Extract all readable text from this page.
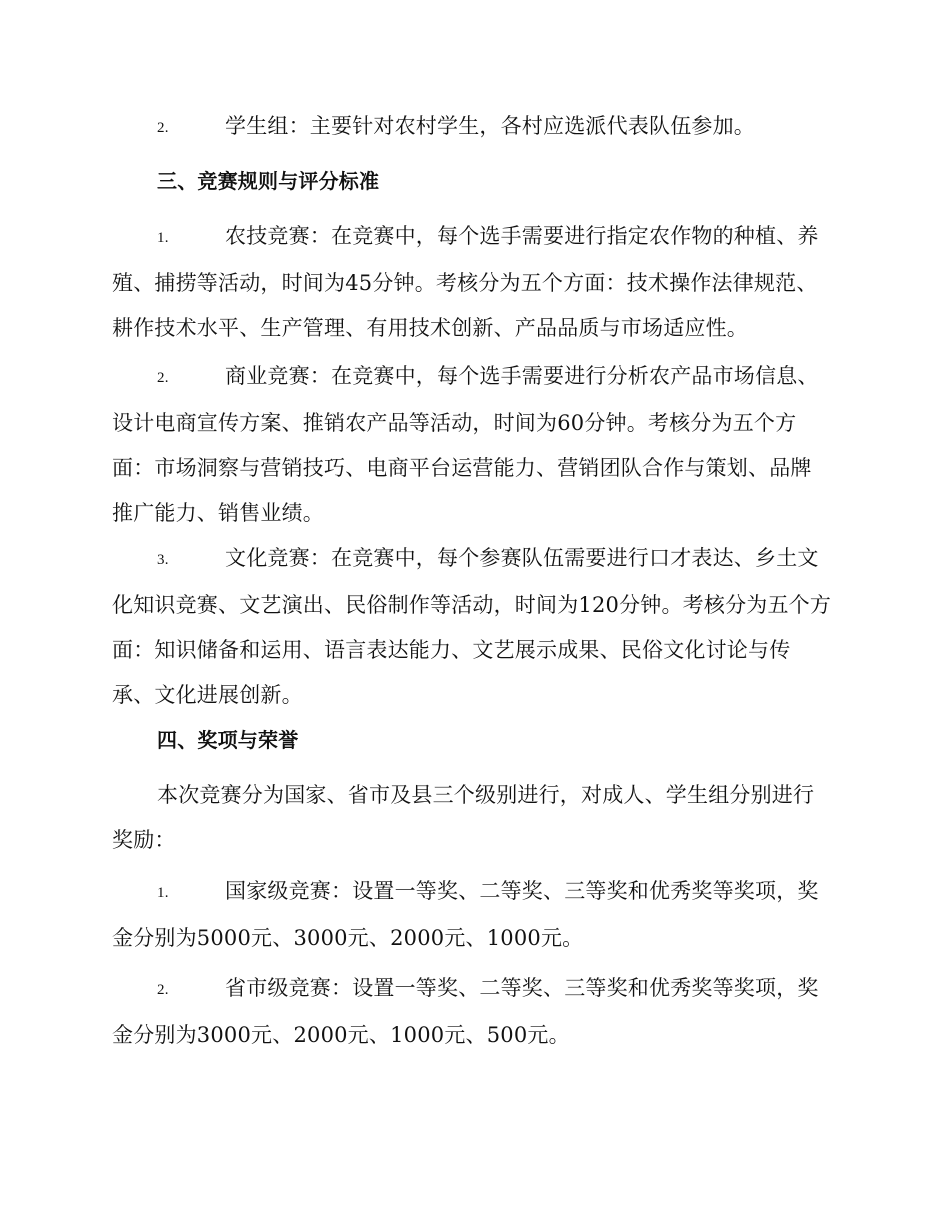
2.	学生组：主要针对农村学生，各村应选派代表队伍参加。
三、竞赛规则与评分标准
1.	农技竞赛：在竞赛中，每个选手需要进行指定农作物的种植、养殖、捕捞等活动，时间为45分钟。考核分为五个方面：技术操作法律规范、耕作技术水平、生产管理、有用技术创新、产品品质与市场适应性。
2.	商业竞赛：在竞赛中，每个选手需要进行分析农产品市场信息、设计电商宣传方案、推销农产品等活动，时间为60分钟。考核分为五个方面：市场洞察与营销技巧、电商平台运营能力、营销团队合作与策划、品牌推广能力、销售业绩。
3.	文化竞赛：在竞赛中，每个参赛队伍需要进行口才表达、乡土文化知识竞赛、文艺演出、民俗制作等活动，时间为120分钟。考核分为五个方面：知识储备和运用、语言表达能力、文艺展示成果、民俗文化讨论与传承、文化进展创新。
四、奖项与荣誉
本次竞赛分为国家、省市及县三个级别进行，对成人、学生组分别进行奖励：
1.	国家级竞赛：设置一等奖、二等奖、三等奖和优秀奖等奖项，奖金分别为5000元、3000元、2000元、1000元。
2.	省市级竞赛：设置一等奖、二等奖、三等奖和优秀奖等奖项，奖金分别为3000元、2000元、1000元、500元。
